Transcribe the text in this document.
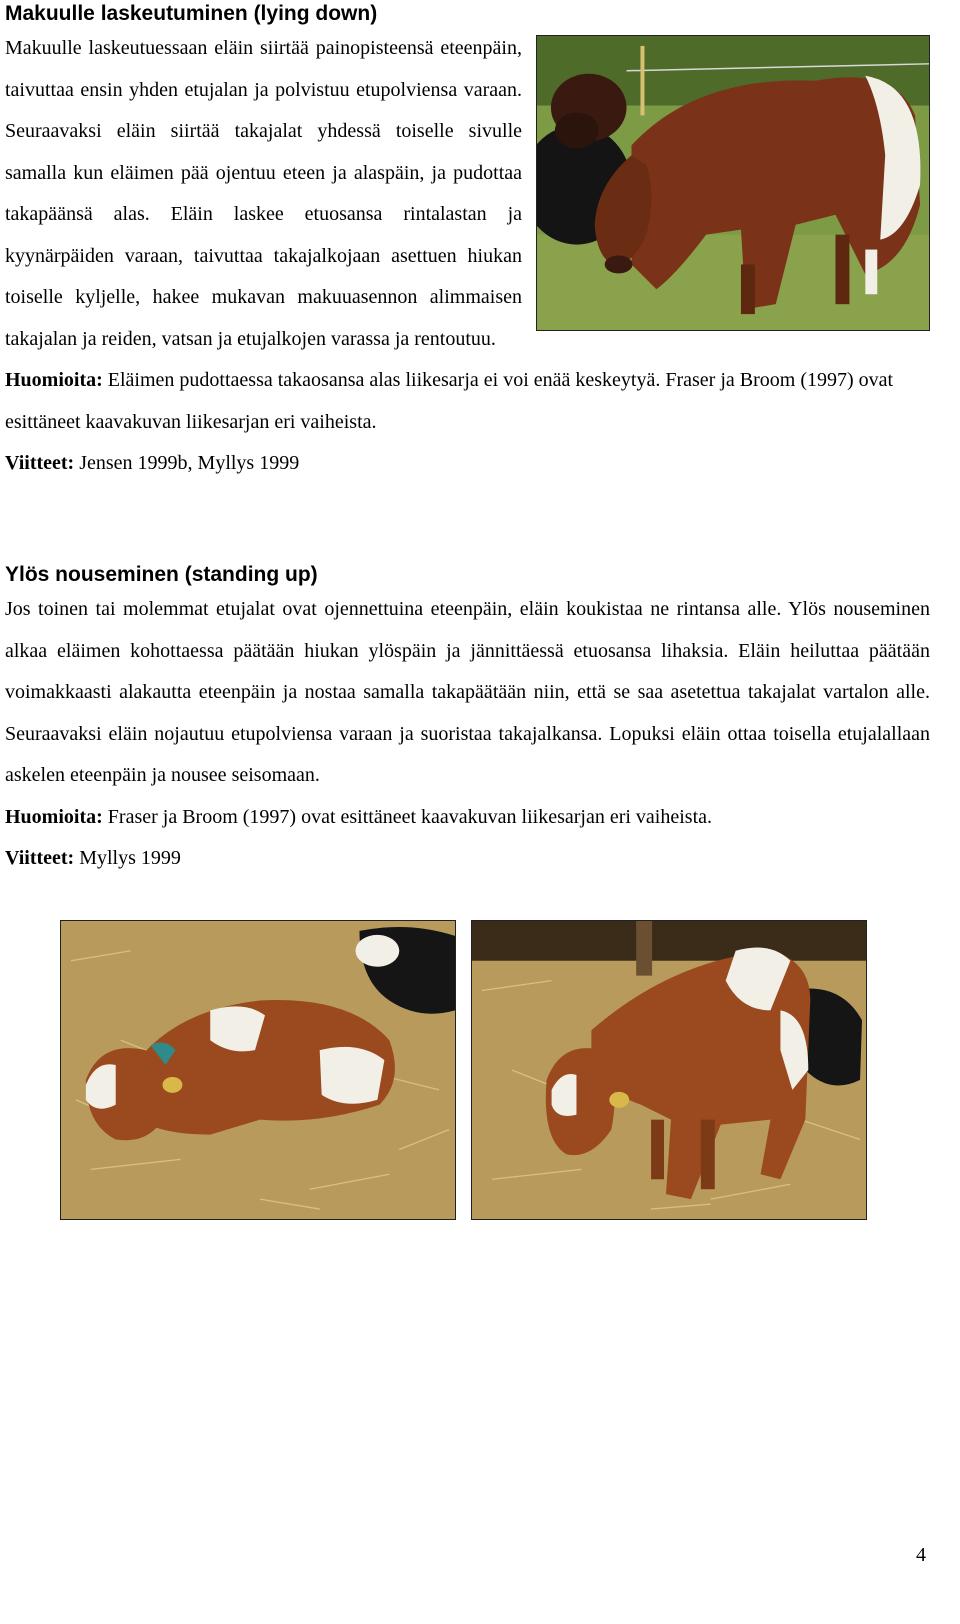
Makuulle laskeutuminen (lying down)

Makuulle laskeutuessaan eläin siirtää painopisteensä eteenpäin, taivuttaa ensin yhden etujalan ja polvistuu etupolviensa varaan. Seuraavaksi eläin siirtää takajalat yhdessä toiselle sivulle samalla kun eläimen pää ojentuu eteen ja alaspäin, ja pudottaa takapäänsä alas. Eläin laskee etuosansa rintalastan ja kyynärpäiden varaan, taivuttaa takajalkojaan asettuen hiukan toiselle kyljelle, hakee mukavan makuuasennon alimmaisen takajalan ja reiden, vatsan ja etujalkojen varassa ja rentoutuu.

Huomioita: Eläimen pudottaessa takaosansa alas liikesarja ei voi enää keskeytyä. Fraser ja Broom (1997) ovat esittäneet kaavakuvan liikesarjan eri vaiheista.

Viitteet: Jensen 1999b, Myllys 1999

Ylös nouseminen (standing up)

Jos toinen tai molemmat etujalat ovat ojennettuina eteenpäin, eläin koukistaa ne rintansa alle. Ylös nouseminen alkaa eläimen kohottaessa päätään hiukan ylöspäin ja jännittäessä etuosansa lihaksia. Eläin heiluttaa päätään voimakkaasti alakautta eteenpäin ja nostaa samalla takapäätään niin, että se saa asetettua takajalat vartalon alle. Seuraavaksi eläin nojautuu etupolviensa varaan ja suoristaa takajalkansa. Lopuksi eläin ottaa toisella etujalallaan askelen eteenpäin ja nousee seisomaan.

Huomioita: Fraser ja Broom (1997) ovat esittäneet kaavakuvan liikesarjan eri vaiheista.

Viitteet: Myllys 1999

4
